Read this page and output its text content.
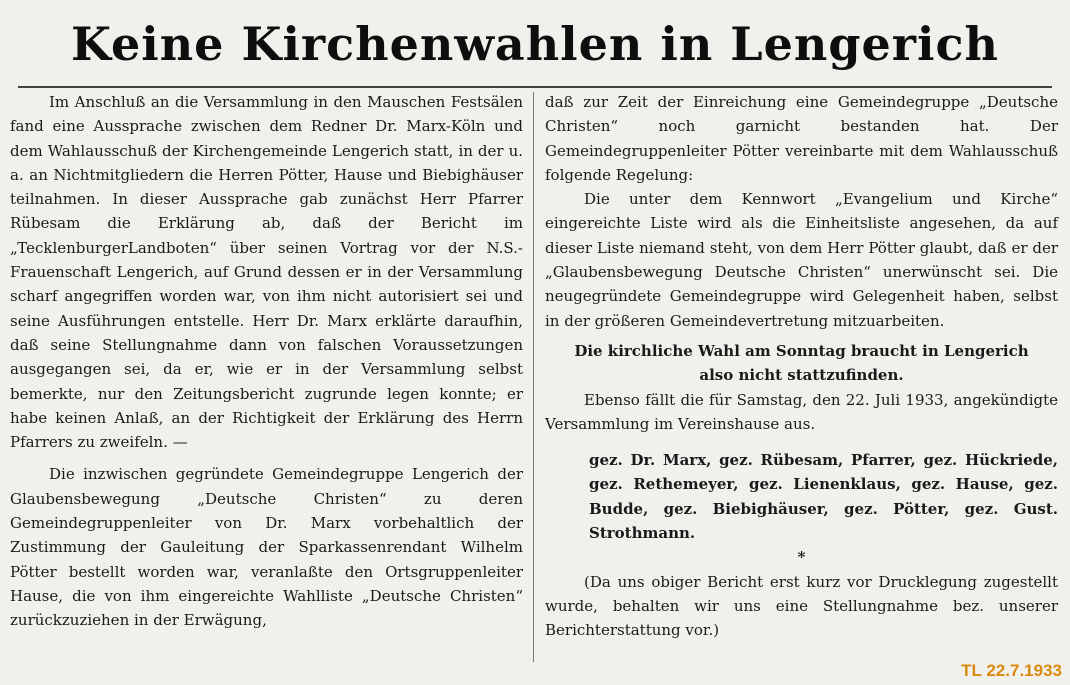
Keine Kirchenwahlen in Lengerich

Im Anschluß an die Versammlung in den Mauschen Festsälen fand eine Aussprache zwischen dem Redner Dr. Marx-Köln und dem Wahlausschuß der Kirchengemeinde Lengerich statt, in der u. a. an Nichtmitgliedern die Herren Pötter, Hause und Biebighäuser teilnahmen. In dieser Aussprache gab zunächst Herr Pfarrer Rübesam die Erklärung ab, daß der Bericht im „TecklenburgerLandboten“ über seinen Vortrag vor der N.S.-Frauenschaft Lengerich, auf Grund dessen er in der Versammlung scharf angegriffen worden war, von ihm nicht autorisiert sei und seine Ausführungen entstelle. Herr Dr. Marx erklärte daraufhin, daß seine Stellungnahme dann von falschen Voraussetzungen ausgegangen sei, da er, wie er in der Versammlung selbst bemerkte, nur den Zeitungsbericht zugrunde legen konnte; er habe keinen Anlaß, an der Richtigkeit der Erklärung des Herrn Pfarrers zu zweifeln. —

Die inzwischen gegründete Gemeindegruppe Lengerich der Glaubensbewegung „Deutsche Christen“ zu deren Gemeindegruppenleiter von Dr. Marx vorbehaltlich der Zustimmung der Gauleitung der Sparkassenrendant Wilhelm Pötter bestellt worden war, veranlaßte den Ortsgruppenleiter Hause, die von ihm eingereichte Wahlliste „Deutsche Christen“ zurückzuziehen in der Erwägung,

daß zur Zeit der Einreichung eine Gemeindegruppe „Deutsche Christen“ noch garnicht bestanden hat. Der Gemeindegruppenleiter Pötter vereinbarte mit dem Wahlausschuß folgende Regelung:

Die unter dem Kennwort „Evangelium und Kirche“ eingereichte Liste wird als die Einheitsliste angesehen, da auf dieser Liste niemand steht, von dem Herr Pötter glaubt, daß er der „Glaubensbewegung Deutsche Christen“ unerwünscht sei. Die neugegründete Gemeindegruppe wird Gelegenheit haben, selbst in der größeren Gemeindevertretung mitzuarbeiten.

Die kirchliche Wahl am Sonntag braucht in Lengerich also nicht stattzufinden.

Ebenso fällt die für Samstag, den 22. Juli 1933, angekündigte Versammlung im Vereinshause aus.

gez. Dr. Marx, gez. Rübesam, Pfarrer, gez. Hückriede, gez. Rethemeyer, gez. Lienenklaus, gez. Hause, gez. Budde, gez. Biebighäuser, gez. Pötter, gez. Gust. Strothmann.

*

(Da uns obiger Bericht erst kurz vor Drucklegung zugestellt wurde, behalten wir uns eine Stellungnahme bez. unserer Berichterstattung vor.)

TL 22.7.1933
